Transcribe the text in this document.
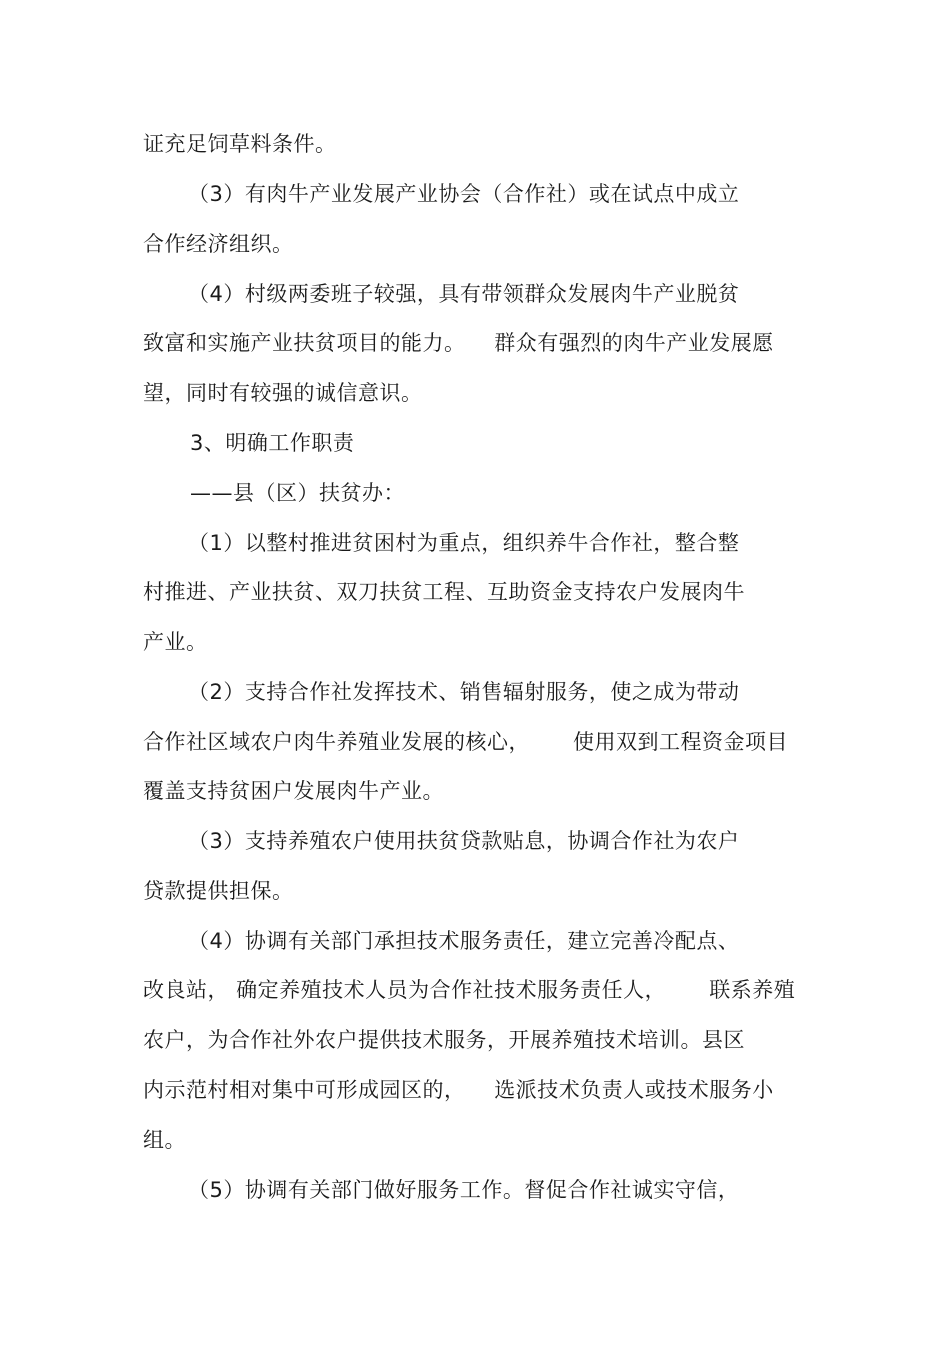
证充足饲草料条件。
（3）有肉牛产业发展产业协会（合作社）或在试点中成立
合作经济组织。
（4）村级两委班子较强，具有带领群众发展肉牛产业脱贫
致富和实施产业扶贫项目的能力。    群众有强烈的肉牛产业发展愿
望，同时有较强的诚信意识。
3、明确工作职责
——县（区）扶贫办：
（1）以整村推进贫困村为重点，组织养牛合作社，整合整
村推进、产业扶贫、双刀扶贫工程、互助资金支持农户发展肉牛
产业。
（2）支持合作社发挥技术、销售辐射服务，使之成为带动
合作社区域农户肉牛养殖业发展的核心，      使用双到工程资金项目
覆盖支持贫困户发展肉牛产业。
（3）支持养殖农户使用扶贫贷款贴息，协调合作社为农户
贷款提供担保。
（4）协调有关部门承担技术服务责任，建立完善冷配点、
改良站， 确定养殖技术人员为合作社技术服务责任人，      联系养殖
农户，为合作社外农户提供技术服务，开展养殖技术培训。县区
内示范村相对集中可形成园区的，    选派技术负责人或技术服务小
组。
（5）协调有关部门做好服务工作。督促合作社诚实守信，
